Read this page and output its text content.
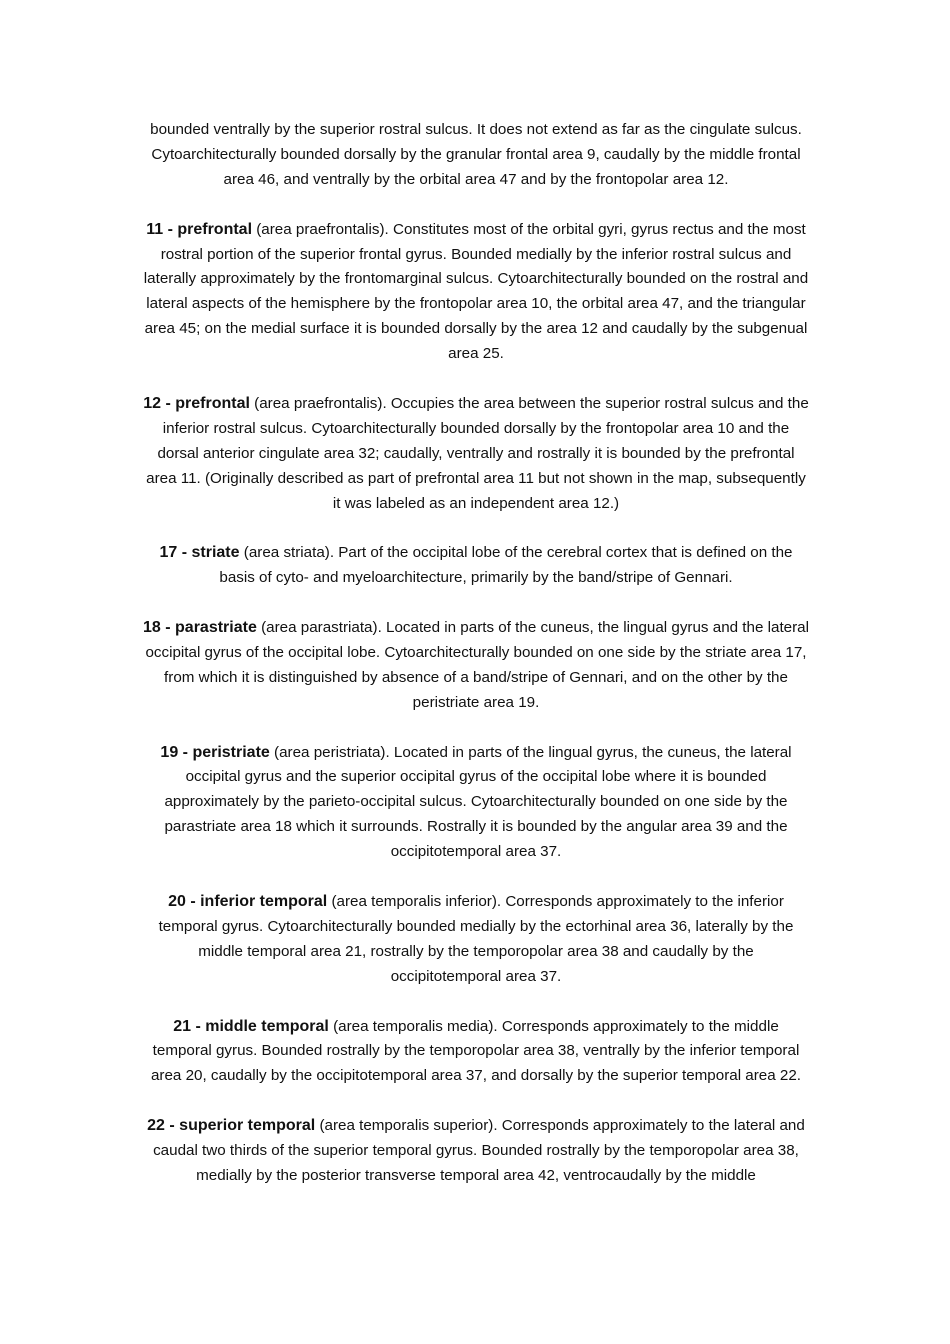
bounded ventrally by the superior rostral sulcus. It does not extend as far as the cingulate sulcus. Cytoarchitecturally bounded dorsally by the granular frontal area 9, caudally by the middle frontal area 46, and ventrally by the orbital area 47 and by the frontopolar area 12.

11 - prefrontal (area praefrontalis). Constitutes most of the orbital gyri, gyrus rectus and the most rostral portion of the superior frontal gyrus. Bounded medially by the inferior rostral sulcus and laterally approximately by the frontomarginal sulcus. Cytoarchitecturally bounded on the rostral and lateral aspects of the hemisphere by the frontopolar area 10, the orbital area 47, and the triangular area 45; on the medial surface it is bounded dorsally by the area 12 and caudally by the subgenual area 25.

12 - prefrontal (area praefrontalis). Occupies the area between the superior rostral sulcus and the inferior rostral sulcus. Cytoarchitecturally bounded dorsally by the frontopolar area 10 and the dorsal anterior cingulate area 32; caudally, ventrally and rostrally it is bounded by the prefrontal area 11. (Originally described as part of prefrontal area 11 but not shown in the map, subsequently it was labeled as an independent area 12.)

17 - striate (area striata). Part of the occipital lobe of the cerebral cortex that is defined on the basis of cyto- and myeloarchitecture, primarily by the band/stripe of Gennari.

18 - parastriate (area parastriata). Located in parts of the cuneus, the lingual gyrus and the lateral occipital gyrus of the occipital lobe. Cytoarchitecturally bounded on one side by the striate area 17, from which it is distinguished by absence of a band/stripe of Gennari, and on the other by the peristriate area 19.

19 - peristriate (area peristriata). Located in parts of the lingual gyrus, the cuneus, the lateral occipital gyrus and the superior occipital gyrus of the occipital lobe where it is bounded approximately by the parieto-occipital sulcus. Cytoarchitecturally bounded on one side by the parastriate area 18 which it surrounds. Rostrally it is bounded by the angular area 39 and the occipitotemporal area 37.

20 - inferior temporal (area temporalis inferior). Corresponds approximately to the inferior temporal gyrus. Cytoarchitecturally bounded medially by the ectorhinal area 36, laterally by the middle temporal area 21, rostrally by the temporopolar area 38 and caudally by the occipitotemporal area 37.

21 - middle temporal (area temporalis media). Corresponds approximately to the middle temporal gyrus. Bounded rostrally by the temporopolar area 38, ventrally by the inferior temporal area 20, caudally by the occipitotemporal area 37, and dorsally by the superior temporal area 22.

22 - superior temporal (area temporalis superior). Corresponds approximately to the lateral and caudal two thirds of the superior temporal gyrus. Bounded rostrally by the temporopolar area 38, medially by the posterior transverse temporal area 42, ventrocaudally by the middle
